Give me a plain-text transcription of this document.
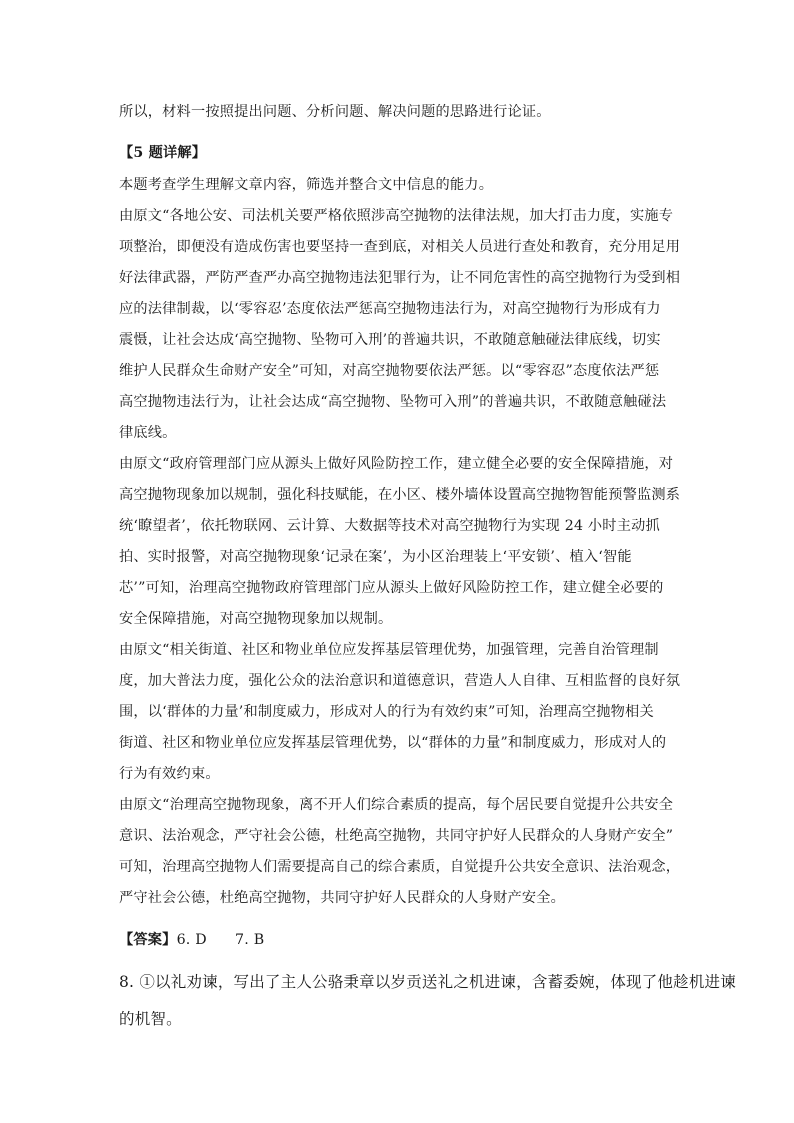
所以，材料一按照提出问题、分析问题、解决问题的思路进行论证。
【5 题详解】
本题考查学生理解文章内容，筛选并整合文中信息的能力。
由原文“各地公安、司法机关要严格依照涉高空抛物的法律法规，加大打击力度，实施专
项整治，即便没有造成伤害也要坚持一查到底，对相关人员进行查处和教育，充分用足用
好法律武器，严防严查严办高空抛物违法犯罪行为，让不同危害性的高空抛物行为受到相
应的法律制裁，以‘零容忍’态度依法严惩高空抛物违法行为，对高空抛物行为形成有力
震慑，让社会达成‘高空抛物、坠物可入刑’的普遍共识，不敢随意触碰法律底线，切实
维护人民群众生命财产安全”可知，对高空抛物要依法严惩。以“零容忍”态度依法严惩
高空抛物违法行为，让社会达成“高空抛物、坠物可入刑”的普遍共识，不敢随意触碰法
律底线。
由原文“政府管理部门应从源头上做好风险防控工作，建立健全必要的安全保障措施，对
高空抛物现象加以规制，强化科技赋能，在小区、楼外墙体设置高空抛物智能预警监测系
统‘瞭望者’，依托物联网、云计算、大数据等技术对高空抛物行为实现 24 小时主动抓
拍、实时报警，对高空抛物现象‘记录在案’，为小区治理装上‘平安锁’、植入‘智能
芯’”可知，治理高空抛物政府管理部门应从源头上做好风险防控工作，建立健全必要的
安全保障措施，对高空抛物现象加以规制。
由原文“相关街道、社区和物业单位应发挥基层管理优势，加强管理，完善自治管理制
度，加大普法力度，强化公众的法治意识和道德意识，营造人人自律、互相监督的良好氛
围，以‘群体的力量’和制度威力，形成对人的行为有效约束”可知，治理高空抛物相关
街道、社区和物业单位应发挥基层管理优势，以“群体的力量”和制度威力，形成对人的
行为有效约束。
由原文“治理高空抛物现象，离不开人们综合素质的提高，每个居民要自觉提升公共安全
意识、法治观念，严守社会公德，杜绝高空抛物，共同守护好人民群众的人身财产安全”
可知，治理高空抛物人们需要提高自己的综合素质，自觉提升公共安全意识、法治观念，
严守社会公德，杜绝高空抛物，共同守护好人民群众的人身财产安全。
【答案】6. D      7. B
8. ①以礼劝谏，写出了主人公骆秉章以岁贡送礼之机进谏，含蓄委婉，体现了他趁机进谏
的机智。
